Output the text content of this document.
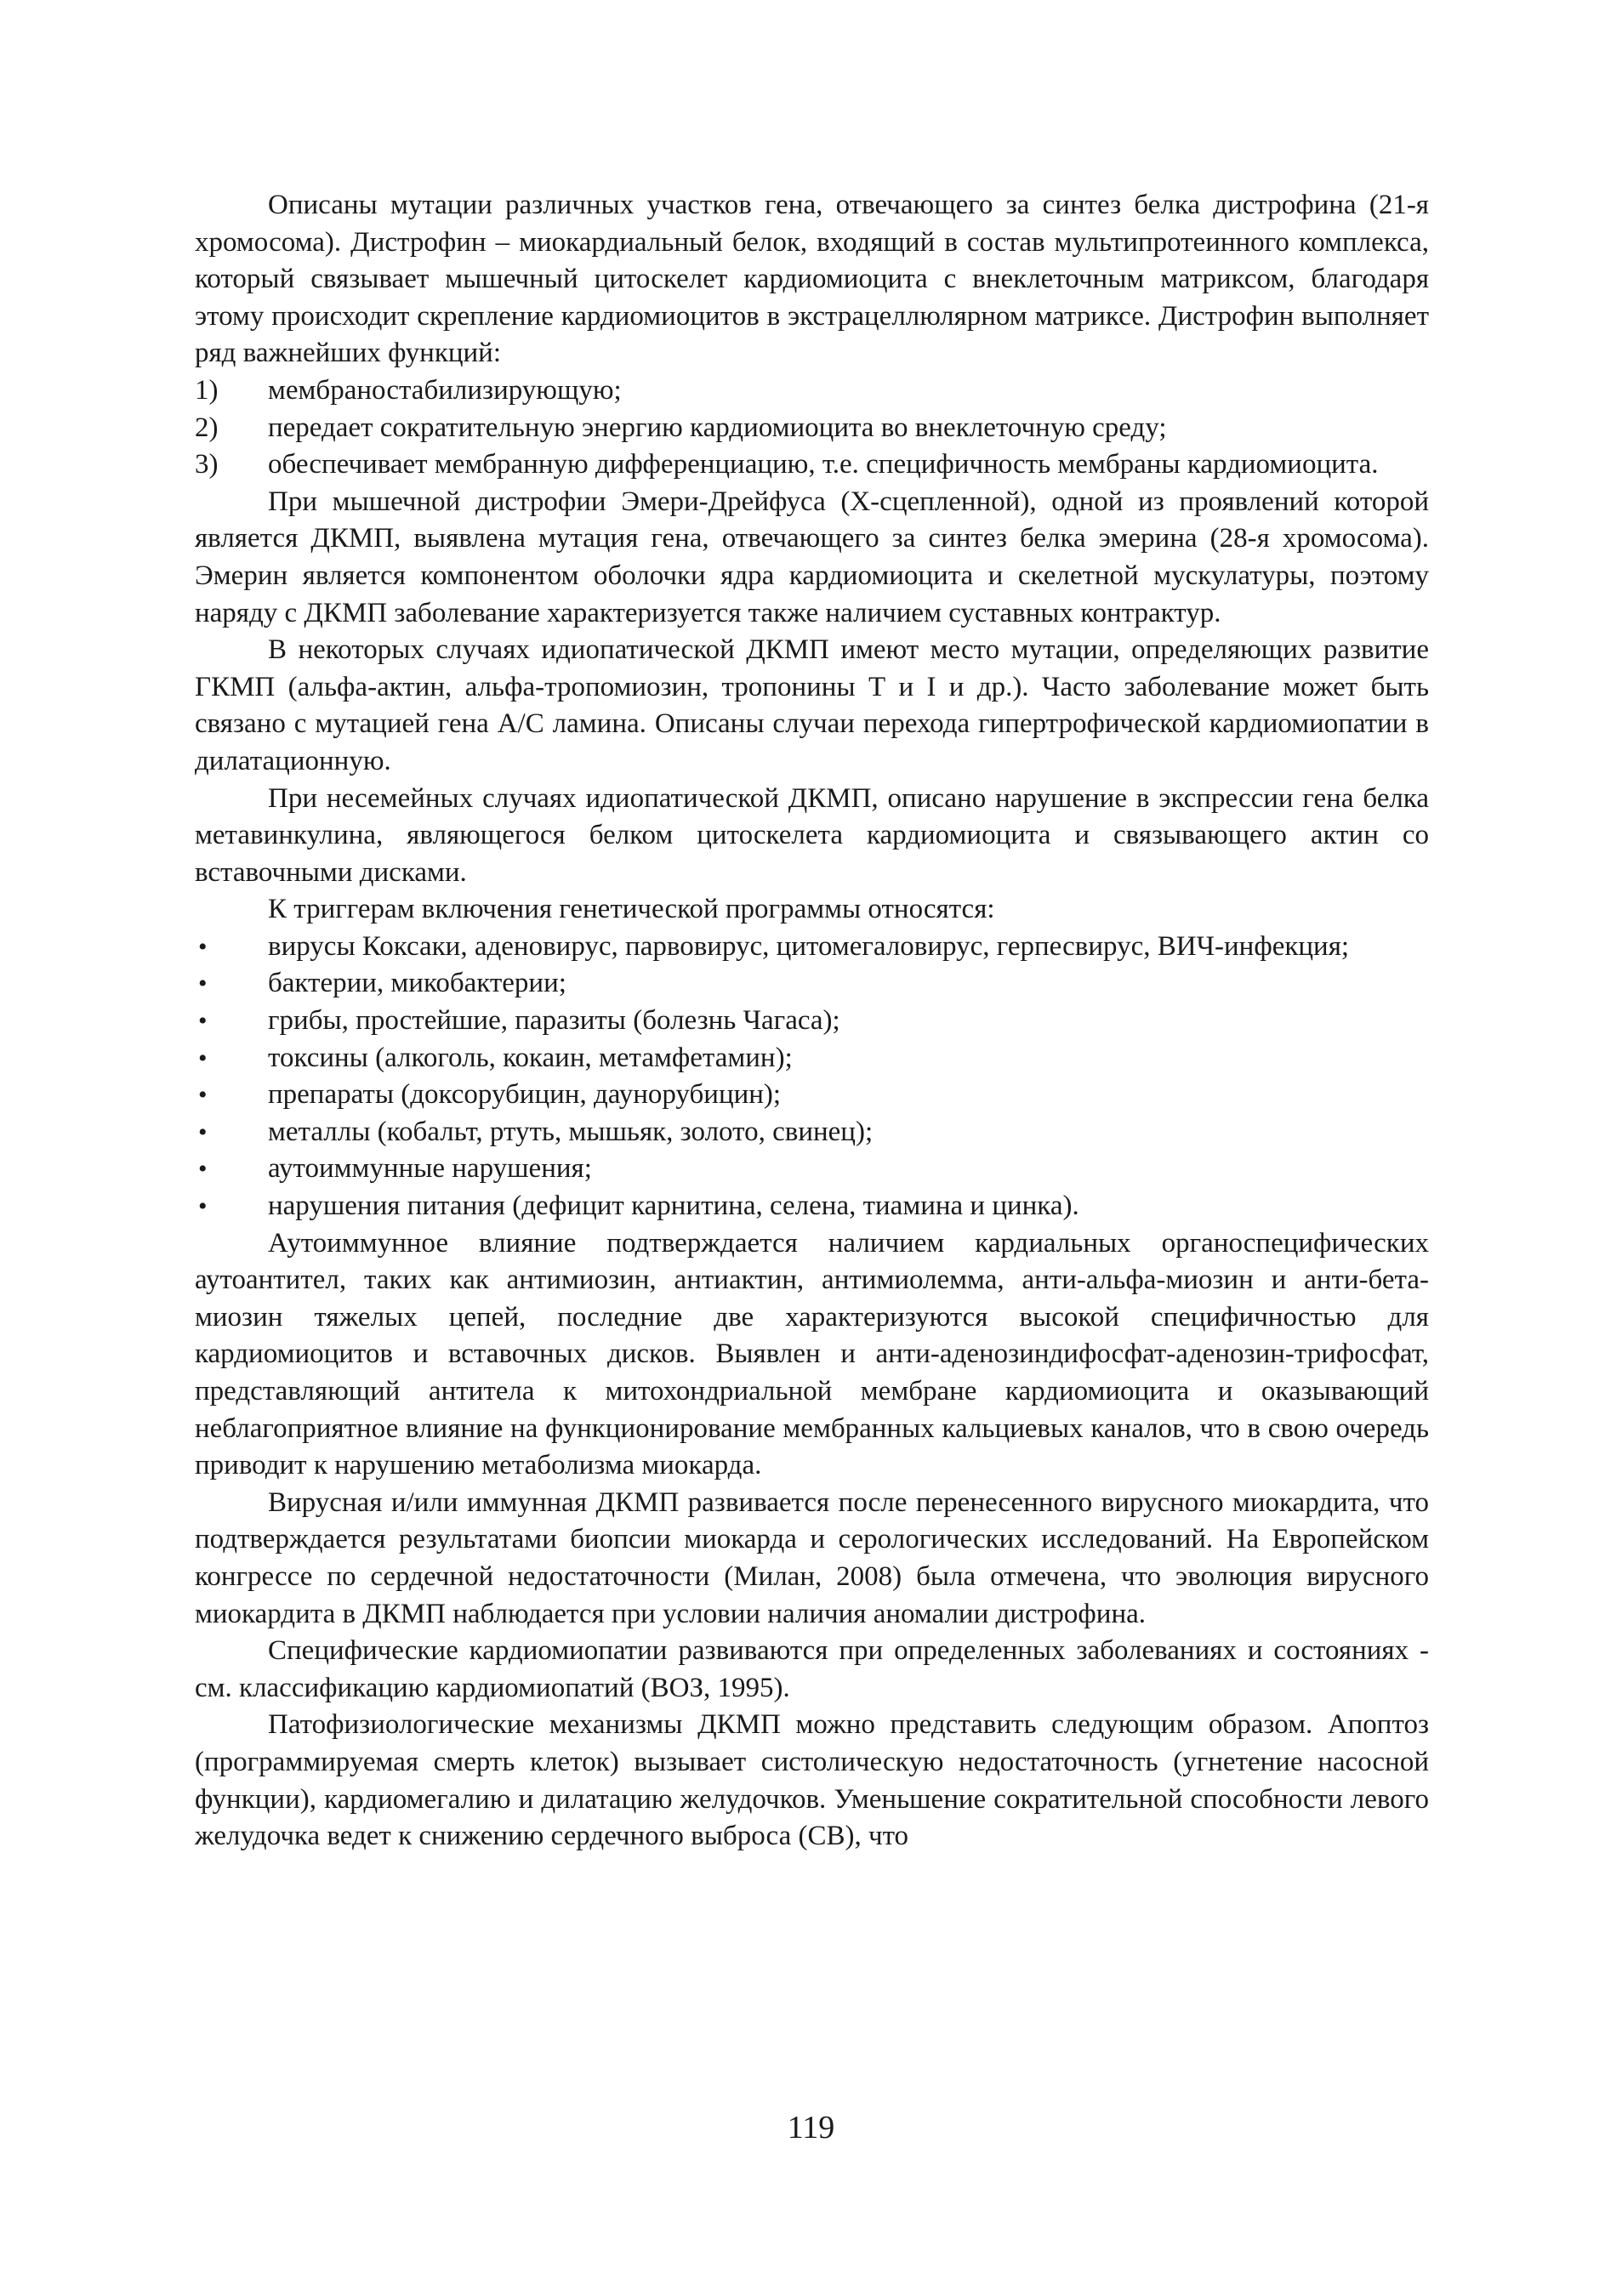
Описаны мутации различных участков гена, отвечающего за синтез белка дистрофина (21-я хромосома). Дистрофин – миокардиальный белок, входящий в состав мультипротеинного комплекса, который связывает мышечный цитоскелет кардиомиоцита с внеклеточным матриксом, благодаря этому происходит скрепление кардиомиоцитов в экстрацеллюлярном матриксе. Дистрофин выполняет ряд важнейших функций:

1)	мембраностабилизирующую;
2)	передает сократительную энергию кардиомиоцита во внеклеточную среду;
3)	обеспечивает мембранную дифференциацию, т.е. специфичность мембраны кардиомиоцита.

При мышечной дистрофии Эмери-Дрейфуса (Х-сцепленной), одной из проявлений которой является ДКМП, выявлена мутация гена, отвечающего за синтез белка эмерина (28-я хромосома). Эмерин является компонентом оболочки ядра кардиомиоцита и скелетной мускулатуры, поэтому наряду с ДКМП заболевание характеризуется также наличием суставных контрактур.

В некоторых случаях идиопатической ДКМП имеют место мутации, определяющих развитие ГКМП (альфа-актин, альфа-тропомиозин, тропонины Т и I и др.). Часто заболевание может быть связано с мутацией гена А/С ламина. Описаны случаи перехода гипертрофической кардиомиопатии в дилатационную.

При несемейных случаях идиопатической ДКМП, описано нарушение в экспрессии гена белка метавинкулина, являющегося белком цитоскелета кардиомиоцита и связывающего актин со вставочными дисками.

К триггерам включения генетической программы относятся:

•	вирусы Коксаки, аденовирус, парвовирус, цитомегаловирус, герпесвирус, ВИЧ-инфекция;
•	бактерии, микобактерии;
•	грибы, простейшие, паразиты (болезнь Чагаса);
•	токсины (алкоголь, кокаин, метамфетамин);
•	препараты (доксорубицин, даунорубицин);
•	металлы (кобальт, ртуть, мышьяк, золото, свинец);
•	аутоиммунные нарушения;
•	нарушения питания (дефицит карнитина, селена, тиамина и цинка).

Аутоиммунное влияние подтверждается наличием кардиальных органоспецифических аутоантител, таких как антимиозин, антиактин, антимиолемма, анти-альфа-миозин и анти-бета-миозин тяжелых цепей, последние две характеризуются высокой специфичностью для кардиомиоцитов и вставочных дисков. Выявлен и анти-аденозиндифосфат-аденозин-трифосфат, представляющий антитела к митохондриальной мембране кардиомиоцита и оказывающий неблагоприятное влияние на функционирование мембранных кальциевых каналов, что в свою очередь приводит к нарушению метаболизма миокарда.

Вирусная и/или иммунная ДКМП развивается после перенесенного вирусного миокардита, что подтверждается результатами биопсии миокарда и серологических исследований. На Европейском конгрессе по сердечной недостаточности (Милан, 2008) была отмечена, что эволюция вирусного миокардита в ДКМП наблюдается при условии наличия аномалии дистрофина.

Специфические кардиомиопатии развиваются при определенных заболеваниях и состояниях - см. классификацию кардиомиопатий (ВОЗ, 1995).

Патофизиологические механизмы ДКМП можно представить следующим образом. Апоптоз (программируемая смерть клеток) вызывает систолическую недостаточность (угнетение насосной функции), кардиомегалию и дилатацию желудочков. Уменьшение сократительной способности левого желудочка ведет к снижению сердечного выброса (СВ), что

119
